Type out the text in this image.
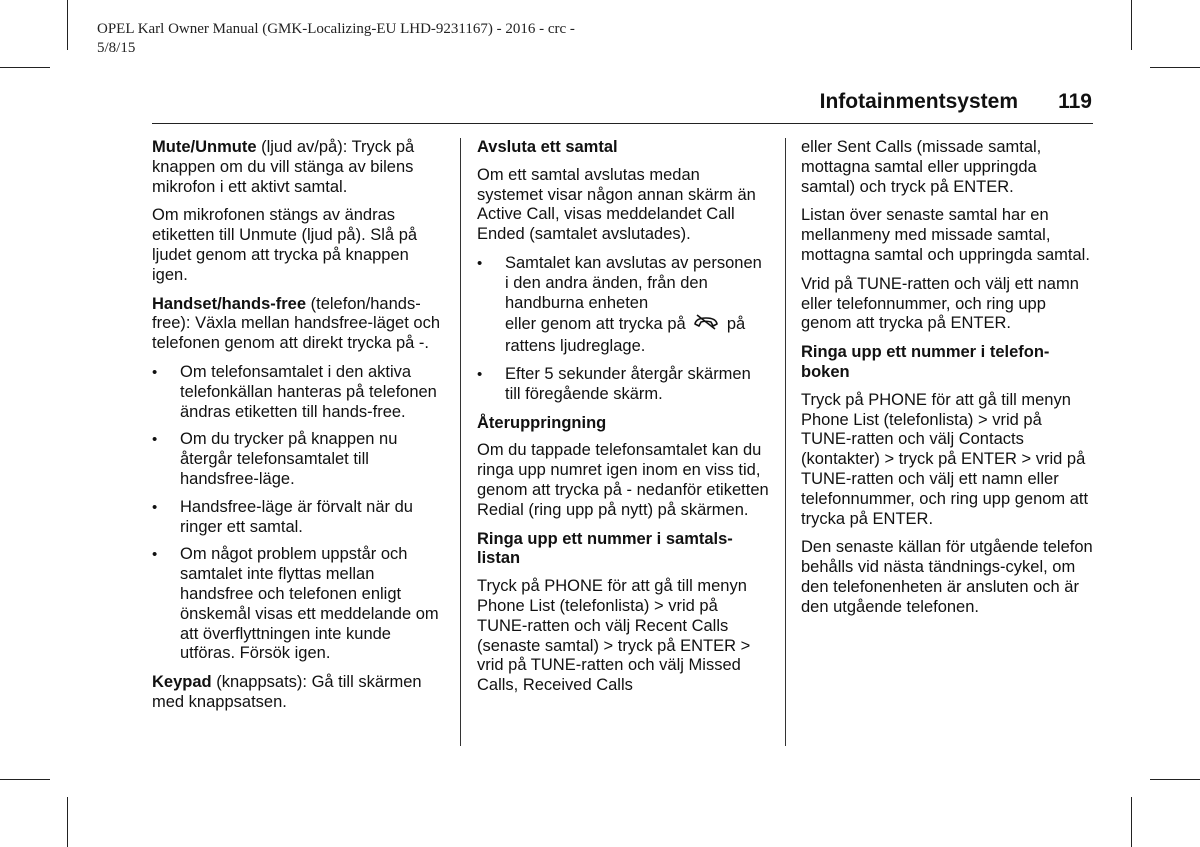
OPEL Karl Owner Manual (GMK-Localizing-EU LHD-9231167) - 2016 - crc -
5/8/15
Infotainmentsystem 119

Mute/Unmute (ljud av/på): Tryck på knappen om du vill stänga av bilens mikrofon i ett aktivt samtal.

Om mikrofonen stängs av ändras etiketten till Unmute (ljud på). Slå på ljudet genom att trycka på knappen igen.

Handset/hands-free (telefon/hands-free): Växla mellan handsfree-läget och telefonen genom att direkt trycka på -.

• Om telefonsamtalet i den aktiva telefonkällan hanteras på telefonen ändras etiketten till hands-free.
• Om du trycker på knappen nu återgår telefonsamtalet till handsfree-läge.
• Handsfree-läge är förvalt när du ringer ett samtal.
• Om något problem uppstår och samtalet inte flyttas mellan handsfree och telefonen enligt önskemål visas ett meddelande om att överflyttningen inte kunde utföras. Försök igen.

Keypad (knappsats): Gå till skärmen med knappsatsen.

Avsluta ett samtal

Om ett samtal avslutas medan systemet visar någon annan skärm än Active Call, visas meddelandet Call Ended (samtalet avslutades).

• Samtalet kan avslutas av personen i den andra änden, från den handburna enheten
eller genom att trycka på på rattens ljudreglage.
• Efter 5 sekunder återgår skärmen till föregående skärm.

Återuppringning

Om du tappade telefonsamtalet kan du ringa upp numret igen inom en viss tid, genom att trycka på - nedanför etiketten Redial (ring upp på nytt) på skärmen.

Ringa upp ett nummer i samtals-listan

Tryck på PHONE för att gå till menyn Phone List (telefonlista) > vrid på TUNE-ratten och välj Recent Calls (senaste samtal) > tryck på ENTER > vrid på TUNE-ratten och välj Missed Calls, Received Calls

eller Sent Calls (missade samtal, mottagna samtal eller uppringda samtal) och tryck på ENTER.

Listan över senaste samtal har en mellanmeny med missade samtal, mottagna samtal och uppringda samtal.

Vrid på TUNE-ratten och välj ett namn eller telefonnummer, och ring upp genom att trycka på ENTER.

Ringa upp ett nummer i telefon-boken

Tryck på PHONE för att gå till menyn Phone List (telefonlista) > vrid på TUNE-ratten och välj Contacts (kontakter) > tryck på ENTER > vrid på TUNE-ratten och välj ett namn eller telefonnummer, och ring upp genom att trycka på ENTER.

Den senaste källan för utgående telefon behålls vid nästa tändnings-cykel, om den telefonenheten är ansluten och är den utgående telefonen.
